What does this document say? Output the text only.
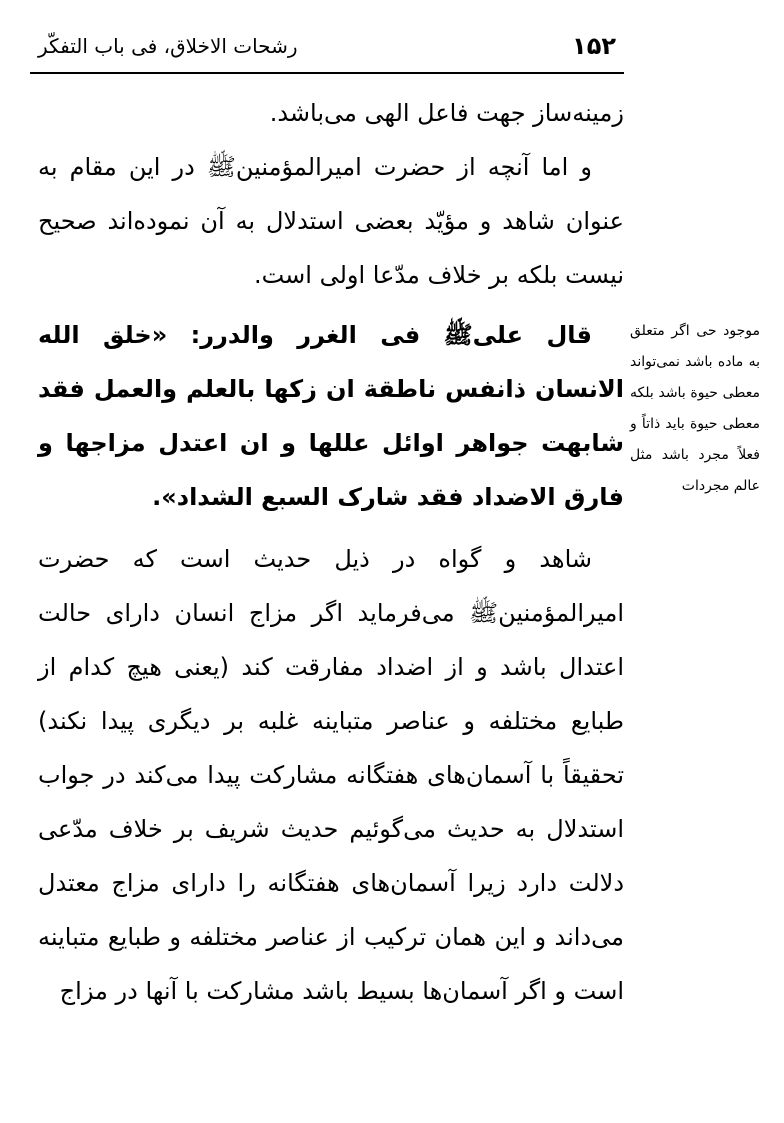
۱۵۲
رشحات الاخلاق، فی باب التفکّر

زمینه‌ساز جهت فاعل الهی می‌باشد.

و اما آنچه از حضرت امیرالمؤمنین‌ﷺ در این مقام به عنوان شاهد و مؤیّد بعضی استدلال به آن نموده‌اند صحیح نیست بلکه بر خلاف مدّعا اولی است.

قال علی‌ﷺ فی الغرر والدرر: «خلق الله الانسان ذانفس ناطقة ان زکها بالعلم والعمل فقد شابهت جواهر اوائل عللها و ان اعتدل مزاجها و فارق الاضداد فقد شارک السبع الشداد».

شاهد و گواه در ذیل حدیث است که حضرت امیرالمؤمنین‌ﷺ می‌فرماید اگر مزاج انسان دارای حالت اعتدال باشد و از اضداد مفارقت کند (یعنی هیچ کدام از طبایع مختلفه و عناصر متباینه غلبه بر دیگری پیدا نکند) تحقیقاً با آسمان‌های هفتگانه مشارکت پیدا می‌کند در جواب استدلال به حدیث می‌گوئیم حدیث شریف بر خلاف مدّعی دلالت دارد زیرا آسمان‌های هفتگانه را دارای مزاج معتدل می‌داند و این همان ترکیب از عناصر مختلفه و طبایع متباینه است و اگر آسمان‌ها بسیط باشد مشارکت با آنها در مزاج

موجود حی اگر متعلق به ماده باشد نمی‌تواند معطی حیوة باشد بلکه معطی حیوة باید ذاتاً و فعلاً مجرد باشد مثل عالم مجردات
